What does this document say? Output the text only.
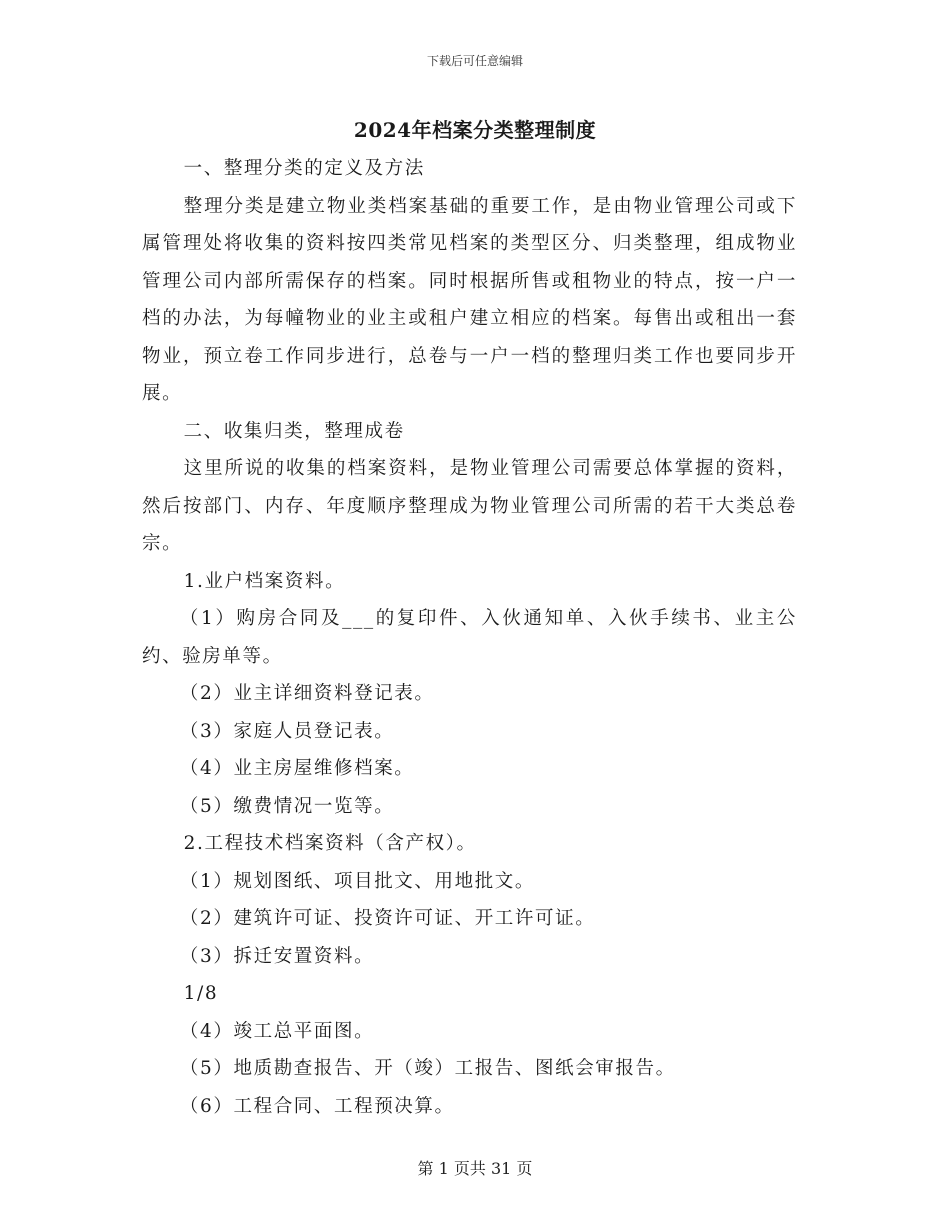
下载后可任意编辑
2024年档案分类整理制度

一、整理分类的定义及方法

整理分类是建立物业类档案基础的重要工作，是由物业管理公司或下属管理处将收集的资料按四类常见档案的类型区分、归类整理，组成物业管理公司内部所需保存的档案。同时根据所售或租物业的特点，按一户一档的办法，为每幢物业的业主或租户建立相应的档案。每售出或租出一套物业，预立卷工作同步进行，总卷与一户一档的整理归类工作也要同步开展。

二、收集归类，整理成卷

这里所说的收集的档案资料，是物业管理公司需要总体掌握的资料，然后按部门、内存、年度顺序整理成为物业管理公司所需的若干大类总卷宗。

1.业户档案资料。

（1）购房合同及___的复印件、入伙通知单、入伙手续书、业主公约、验房单等。

（2）业主详细资料登记表。

（3）家庭人员登记表。

（4）业主房屋维修档案。

（5）缴费情况一览等。

2.工程技术档案资料（含产权）。

（1）规划图纸、项目批文、用地批文。

（2）建筑许可证、投资许可证、开工许可证。

（3）拆迁安置资料。

1/8

（4）竣工总平面图。

（5）地质勘查报告、开（竣）工报告、图纸会审报告。

（6）工程合同、工程预决算。

第 1 页共 31 页
